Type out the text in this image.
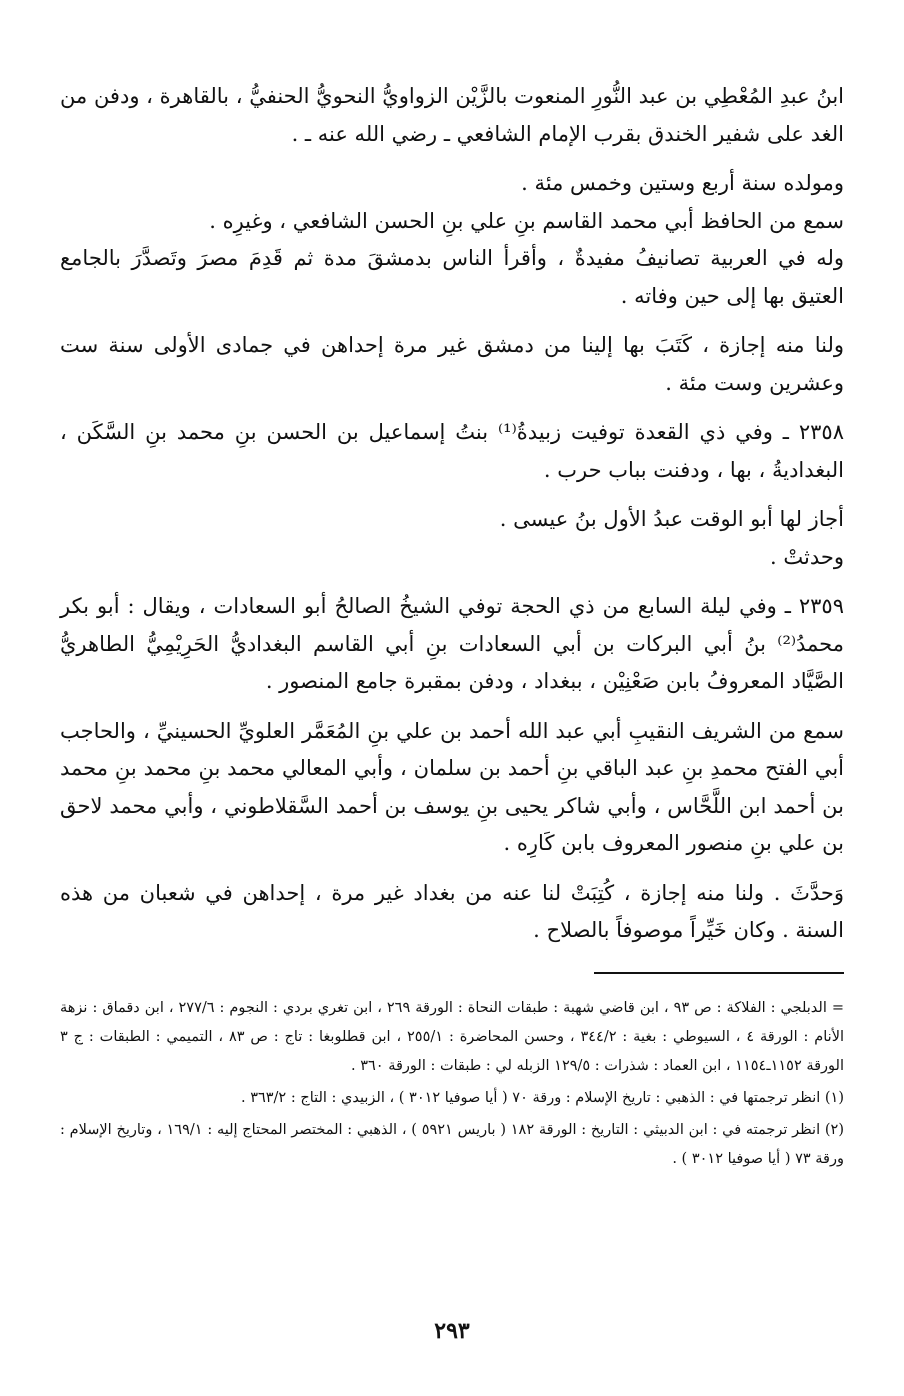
ابنُ عبدِ المُعْطِي بن عبد النُّورِ المنعوت بالزَّيْن الزواويُّ النحويُّ الحنفيُّ ، بالقاهرة ، ودفن من الغد على شفير الخندق بقرب الإمام الشافعي ـ رضي الله عنه ـ .

ومولده سنة أربع وستين وخمس مئة .

سمع من الحافظ أبي محمد القاسم بنِ علي بنِ الحسن الشافعي ، وغيرِه .

وله في العربية تصانيفُ مفيدةٌ ، وأقرأ الناس بدمشقَ مدة ثم قَدِمَ مصرَ وتَصدَّرَ بالجامع العتيق بها إلى حين وفاته .

ولنا منه إجازة ، كَتَبَ بها إلينا من دمشق غير مرة إحداهن في جمادى الأولى سنة ست وعشرين وست مئة .

٢٣٥٨ ـ وفي ذي القعدة توفيت زبيدةُ⁽¹⁾ بنتُ إسماعيل بن الحسن بنِ محمد بنِ السَّكَن ، البغداديةُ ، بها ، ودفنت بباب حرب .

أجاز لها أبو الوقت عبدُ الأول بنُ عيسى .

وحدثتْ .

٢٣٥٩ ـ وفي ليلة السابع من ذي الحجة توفي الشيخُ الصالحُ أبو السعادات ، ويقال : أبو بكر محمدُ⁽²⁾ بنُ أبي البركات بن أبي السعادات بنِ أبي القاسم البغداديُّ الحَرِيْمِيُّ الطاهريُّ الصَّيَّاد المعروفُ بابن صَعْنِيْن ، ببغداد ، ودفن بمقبرة جامع المنصور .

سمع من الشريف النقيبِ أبي عبد الله أحمد بن علي بنِ المُعَمَّر العلويِّ الحسينيِّ ، والحاجب أبي الفتح محمدِ بنِ عبد الباقي بنِ أحمد بن سلمان ، وأبي المعالي محمد بنِ محمد بنِ محمد بن أحمد ابن اللَّحَّاس ، وأبي شاكر يحيى بنِ يوسف بن أحمد السَّقلاطوني ، وأبي محمد لاحق بن علي بنِ منصور المعروف بابن كَارِه .

وَحدَّثَ . ولنا منه إجازة ، كُتِبَتْ لنا عنه من بغداد غير مرة ، إحداهن في شعبان من هذه السنة . وكان خَيِّراً موصوفاً بالصلاح .

= الدبلجي : الفلاكة : ص ٩٣ ، ابن قاضي شهبة : طبقات النحاة : الورقة ٢٦٩ ، ابن تغري بردي : النجوم : ٢٧٧/٦ ، ابن دقماق : نزهة الأنام : الورقة ٤ ، السيوطي : بغية : ٣٤٤/٢ ، وحسن المحاضرة : ٢٥٥/١ ، ابن قطلوبغا : تاج : ص ٨٣ ، التميمي : الطبقات : ج ٣ الورقة ١١٥٢ـ١١٥٤ ، ابن العماد : شذرات : ١٢٩/٥ الزبله لي : طبقات : الورقة ٣٦٠ .

(١) انظر ترجمتها في : الذهبي : تاريخ الإسلام : ورقة ٧٠ ( أيا صوفيا ٣٠١٢ ) ، الزبيدي : التاج : ٣٦٣/٢ .

(٢) انظر ترجمته في : ابن الدبيثي : التاريخ : الورقة ١٨٢ ( باريس ٥٩٢١ ) ، الذهبي : المختصر المحتاج إليه : ١٦٩/١ ، وتاريخ الإسلام : ورقة ٧٣ ( أيا صوفيا ٣٠١٢ ) .

٢٩٣
